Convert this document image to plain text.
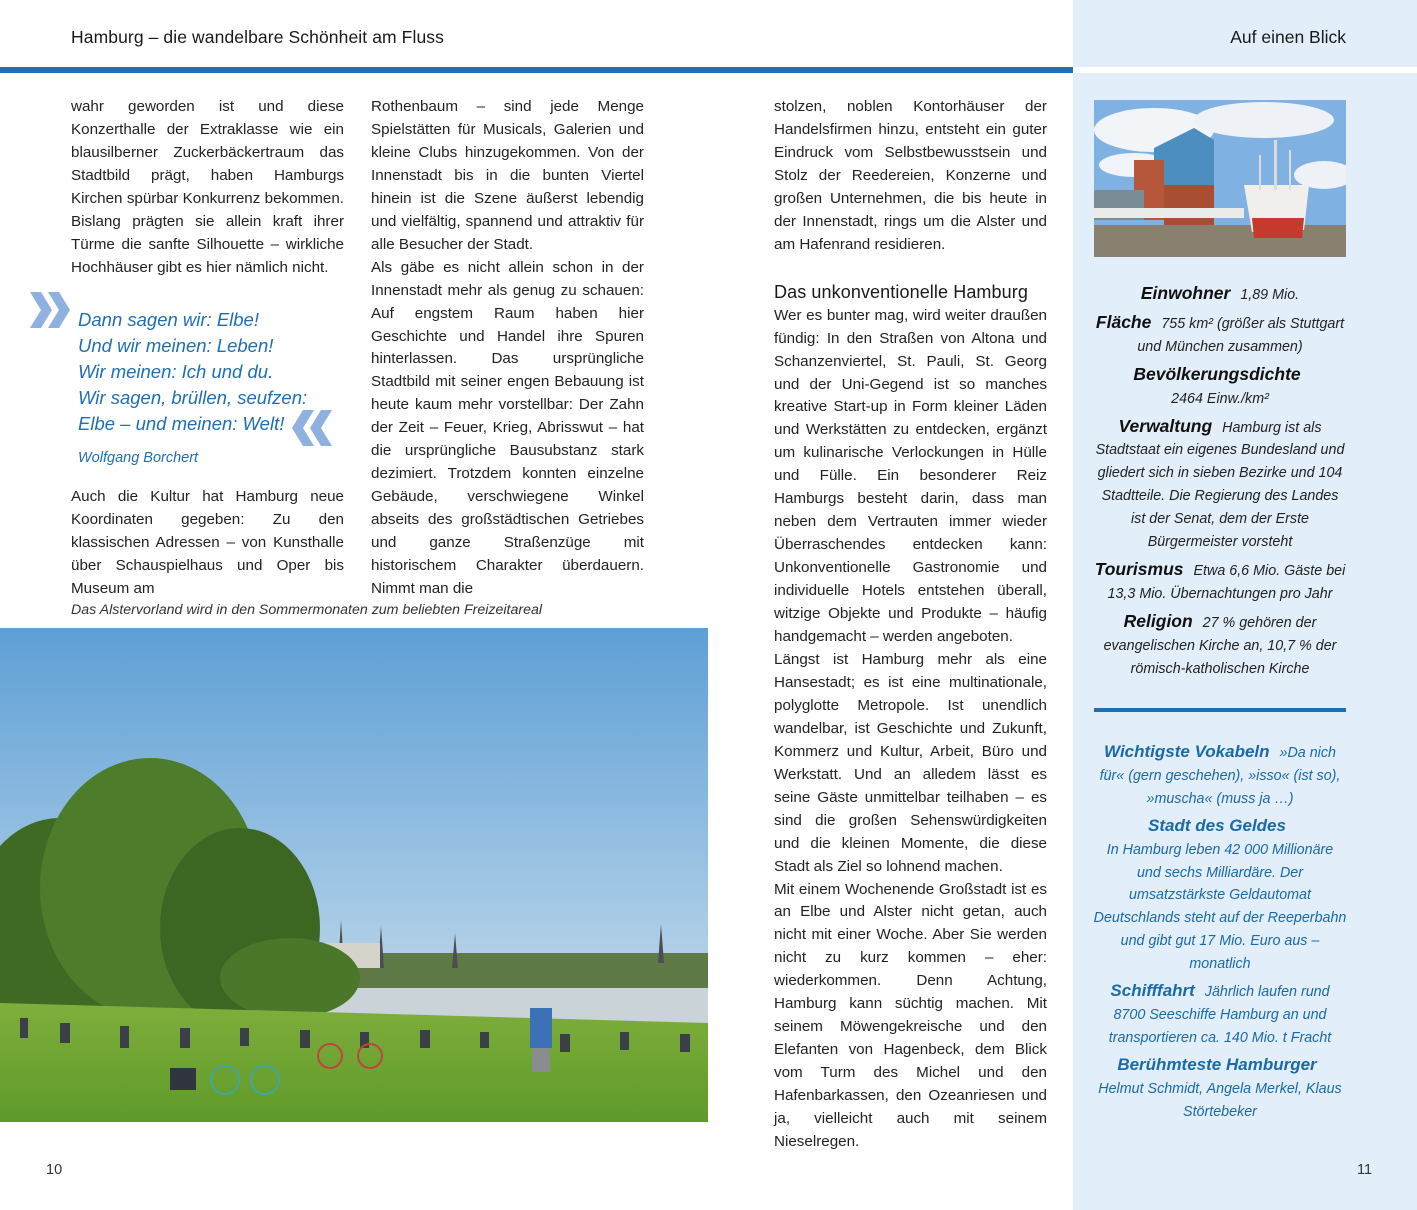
Hamburg – die wandelbare Schönheit am Fluss	Auf einen Blick

wahr geworden ist und diese Konzerthalle der Extraklasse wie ein blausilberner Zuckerbäckertraum das Stadtbild prägt, haben Hamburgs Kirchen spürbar Konkurrenz bekommen. Bislang prägten sie allein kraft ihrer Türme die sanfte Silhouette – wirkliche Hochhäuser gibt es hier nämlich nicht.

Dann sagen wir: Elbe!
Und wir meinen: Leben!
Wir meinen: Ich und du.
Wir sagen, brüllen, seufzen:
Elbe – und meinen: Welt!
Wolfgang Borchert

Auch die Kultur hat Hamburg neue Koordinaten gegeben: Zu den klassischen Adressen – von Kunsthalle über Schauspielhaus und Oper bis Museum am

Rothenbaum – sind jede Menge Spielstätten für Musicals, Galerien und kleine Clubs hinzugekommen. Von der Innenstadt bis in die bunten Viertel hinein ist die Szene äußerst lebendig und vielfältig, spannend und attraktiv für alle Besucher der Stadt.

Als gäbe es nicht allein schon in der Innenstadt mehr als genug zu schauen: Auf engstem Raum haben hier Geschichte und Handel ihre Spuren hinterlassen. Das ursprüngliche Stadtbild mit seiner engen Bebauung ist heute kaum mehr vorstellbar: Der Zahn der Zeit – Feuer, Krieg, Abrisswut – hat die ursprüngliche Bausubstanz stark dezimiert. Trotzdem konnten einzelne Gebäude, verschwiegene Winkel abseits des großstädtischen Getriebes und ganze Straßenzüge mit historischem Charakter überdauern. Nimmt man die

Das Alstervorland wird in den Sommermonaten zum beliebten Freizeitareal

stolzen, noblen Kontorhäuser der Handelsfirmen hinzu, entsteht ein guter Eindruck vom Selbstbewusstsein und Stolz der Reedereien, Konzerne und großen Unternehmen, die bis heute in der Innenstadt, rings um die Alster und am Hafenrand residieren.

Das unkonventionelle Hamburg

Wer es bunter mag, wird weiter draußen fündig: In den Straßen von Altona und Schanzenviertel, St. Pauli, St. Georg und der Uni-Gegend ist so manches kreative Start-up in Form kleiner Läden und Werkstätten zu entdecken, ergänzt um kulinarische Verlockungen in Hülle und Fülle. Ein besonderer Reiz Hamburgs besteht darin, dass man neben dem Vertrauten immer wieder Überraschendes entdecken kann: Unkonventionelle Gastronomie und individuelle Hotels entstehen überall, witzige Objekte und Produkte – häufig handgemacht – werden angeboten.

Längst ist Hamburg mehr als eine Hansestadt; es ist eine multinationale, polyglotte Metropole. Ist unendlich wandelbar, ist Geschichte und Zukunft, Kommerz und Kultur, Arbeit, Büro und Werkstatt. Und an alledem lässt es seine Gäste unmittelbar teilhaben – es sind die großen Sehenswürdigkeiten und die kleinen Momente, die diese Stadt als Ziel so lohnend machen.

Mit einem Wochenende Großstadt ist es an Elbe und Alster nicht getan, auch nicht mit einer Woche. Aber Sie werden nicht zu kurz kommen – eher: wiederkommen. Denn Achtung, Hamburg kann süchtig machen. Mit seinem Möwengekreische und den Elefanten von Hagenbeck, dem Blick vom Turm des Michel und den Hafenbarkassen, den Ozeanriesen und ja, vielleicht auch mit seinem Nieselregen.

Einwohner 1,89 Mio.
Fläche 755 km² (größer als Stuttgart und München zusammen)
Bevölkerungsdichte
2464 Einw./km²
Verwaltung Hamburg ist als Stadtstaat ein eigenes Bundesland und gliedert sich in sieben Bezirke und 104 Stadtteile. Die Regierung des Landes ist der Senat, dem der Erste Bürgermeister vorsteht
Tourismus Etwa 6,6 Mio. Gäste bei 13,3 Mio. Übernachtungen pro Jahr
Religion 27 % gehören der evangelischen Kirche an, 10,7 % der römisch-katholischen Kirche
Wichtigste Vokabeln »Da nich für« (gern geschehen), »isso« (ist so), »muscha« (muss ja …)
Stadt des Geldes
In Hamburg leben 42 000 Millionäre und sechs Milliardäre. Der umsatzstärkste Geldautomat Deutschlands steht auf der Reeperbahn und gibt gut 17 Mio. Euro aus – monatlich
Schifffahrt Jährlich laufen rund 8700 Seeschiffe Hamburg an und transportieren ca. 140 Mio. t Fracht
Berühmteste Hamburger
Helmut Schmidt, Angela Merkel, Klaus Störtebeker
10	11
